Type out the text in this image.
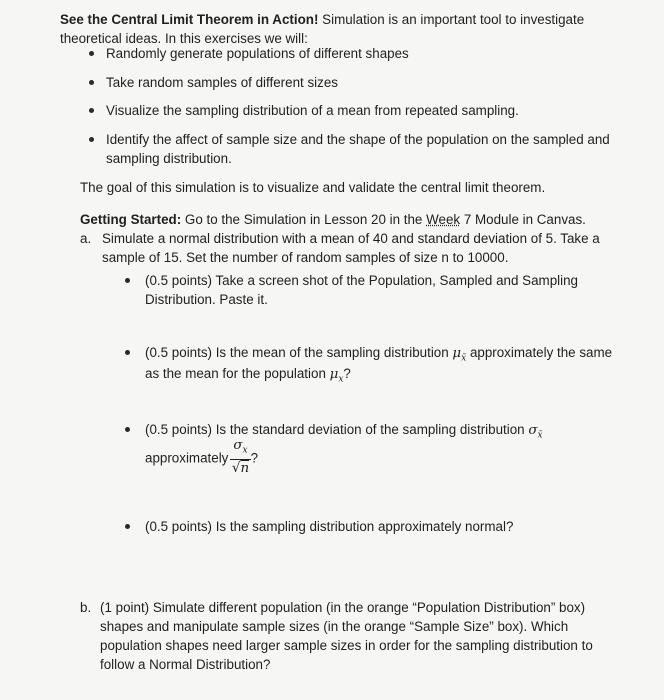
See the Central Limit Theorem in Action! Simulation is an important tool to investigate
theoretical ideas. In this exercises we will:
Randomly generate populations of different shapes
Take random samples of different sizes
Visualize the sampling distribution of a mean from repeated sampling.
Identify the affect of sample size and the shape of the population on the sampled and
sampling distribution.
The goal of this simulation is to visualize and validate the central limit theorem.
Getting Started: Go to the Simulation in Lesson 20 in the Week 7 Module in Canvas.
a. Simulate a normal distribution with a mean of 40 and standard deviation of 5. Take a
sample of 15. Set the number of random samples of size n to 10000.
(0.5 points) Take a screen shot of the Population, Sampled and Sampling
Distribution. Paste it.
(0.5 points) Is the mean of the sampling distribution $\mu_{x̄}$ approximately the same
as the mean for the population $\mu_x$?
(0.5 points) Is the standard deviation of the sampling distribution $\sigma_{x̄}$
approximately $\frac{\sigma_x}{√n}$ ?
(0.5 points) Is the sampling distribution approximately normal?
b. (1 point) Simulate different population (in the orange “Population Distribution” box)
shapes and manipulate sample sizes (in the orange “Sample Size” box). Which
population shapes need larger sample sizes in order for the sampling distribution to
follow a Normal Distribution?
